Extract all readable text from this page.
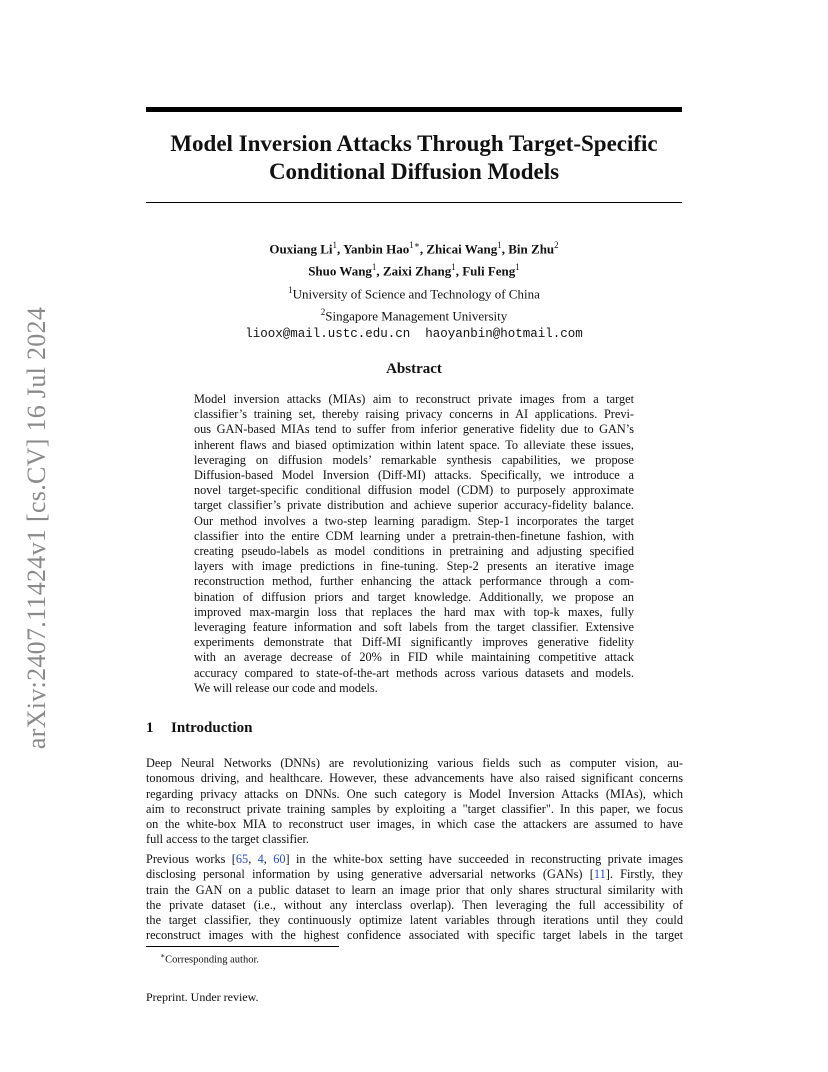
arXiv:2407.11424v1 [cs.CV] 16 Jul 2024
Model Inversion Attacks Through Target-Specific
Conditional Diffusion Models
Ouxiang Li$^1$, Yanbin Hao$^{1∗}$, Zhicai Wang$^1$, Bin Zhu$^2$
Shuo Wang$^1$, Zaixi Zhang$^1$, Fuli Feng$^1$
$^1$University of Science and Technology of China
$^2$Singapore Management University
lioox@mail.ustc.edu.cn haoyanbin@hotmail.com
Abstract
Model inversion attacks (MIAs) aim to reconstruct private images from a target
classifier’s training set, thereby raising privacy concerns in AI applications. Previ-
ous GAN-based MIAs tend to suffer from inferior generative fidelity due to GAN’s
inherent flaws and biased optimization within latent space. To alleviate these issues,
leveraging on diffusion models’ remarkable synthesis capabilities, we propose
Diffusion-based Model Inversion (Diff-MI) attacks. Specifically, we introduce a
novel target-specific conditional diffusion model (CDM) to purposely approximate
target classifier’s private distribution and achieve superior accuracy-fidelity balance.
Our method involves a two-step learning paradigm. Step-1 incorporates the target
classifier into the entire CDM learning under a pretrain-then-finetune fashion, with
creating pseudo-labels as model conditions in pretraining and adjusting specified
layers with image predictions in fine-tuning. Step-2 presents an iterative image
reconstruction method, further enhancing the attack performance through a com-
bination of diffusion priors and target knowledge. Additionally, we propose an
improved max-margin loss that replaces the hard max with top-k maxes, fully
leveraging feature information and soft labels from the target classifier. Extensive
experiments demonstrate that Diff-MI significantly improves generative fidelity
with an average decrease of 20% in FID while maintaining competitive attack
accuracy compared to state-of-the-art methods across various datasets and models.
We will release our code and models.
1 Introduction
Deep Neural Networks (DNNs) are revolutionizing various fields such as computer vision, au-
tonomous driving, and healthcare. However, these advancements have also raised significant concerns
regarding privacy attacks on DNNs. One such category is Model Inversion Attacks (MIAs), which
aim to reconstruct private training samples by exploiting a "target classifier". In this paper, we focus
on the white-box MIA to reconstruct user images, in which case the attackers are assumed to have
full access to the target classifier.
Previous works [65, 4, 60] in the white-box setting have succeeded in reconstructing private images
disclosing personal information by using generative adversarial networks (GANs) [11]. Firstly, they
train the GAN on a public dataset to learn an image prior that only shares structural similarity with
the private dataset (i.e., without any interclass overlap). Then leveraging the full accessibility of
the target classifier, they continuously optimize latent variables through iterations until they could
reconstruct images with the highest confidence associated with specific target labels in the target
∗Corresponding author.
Preprint. Under review.
